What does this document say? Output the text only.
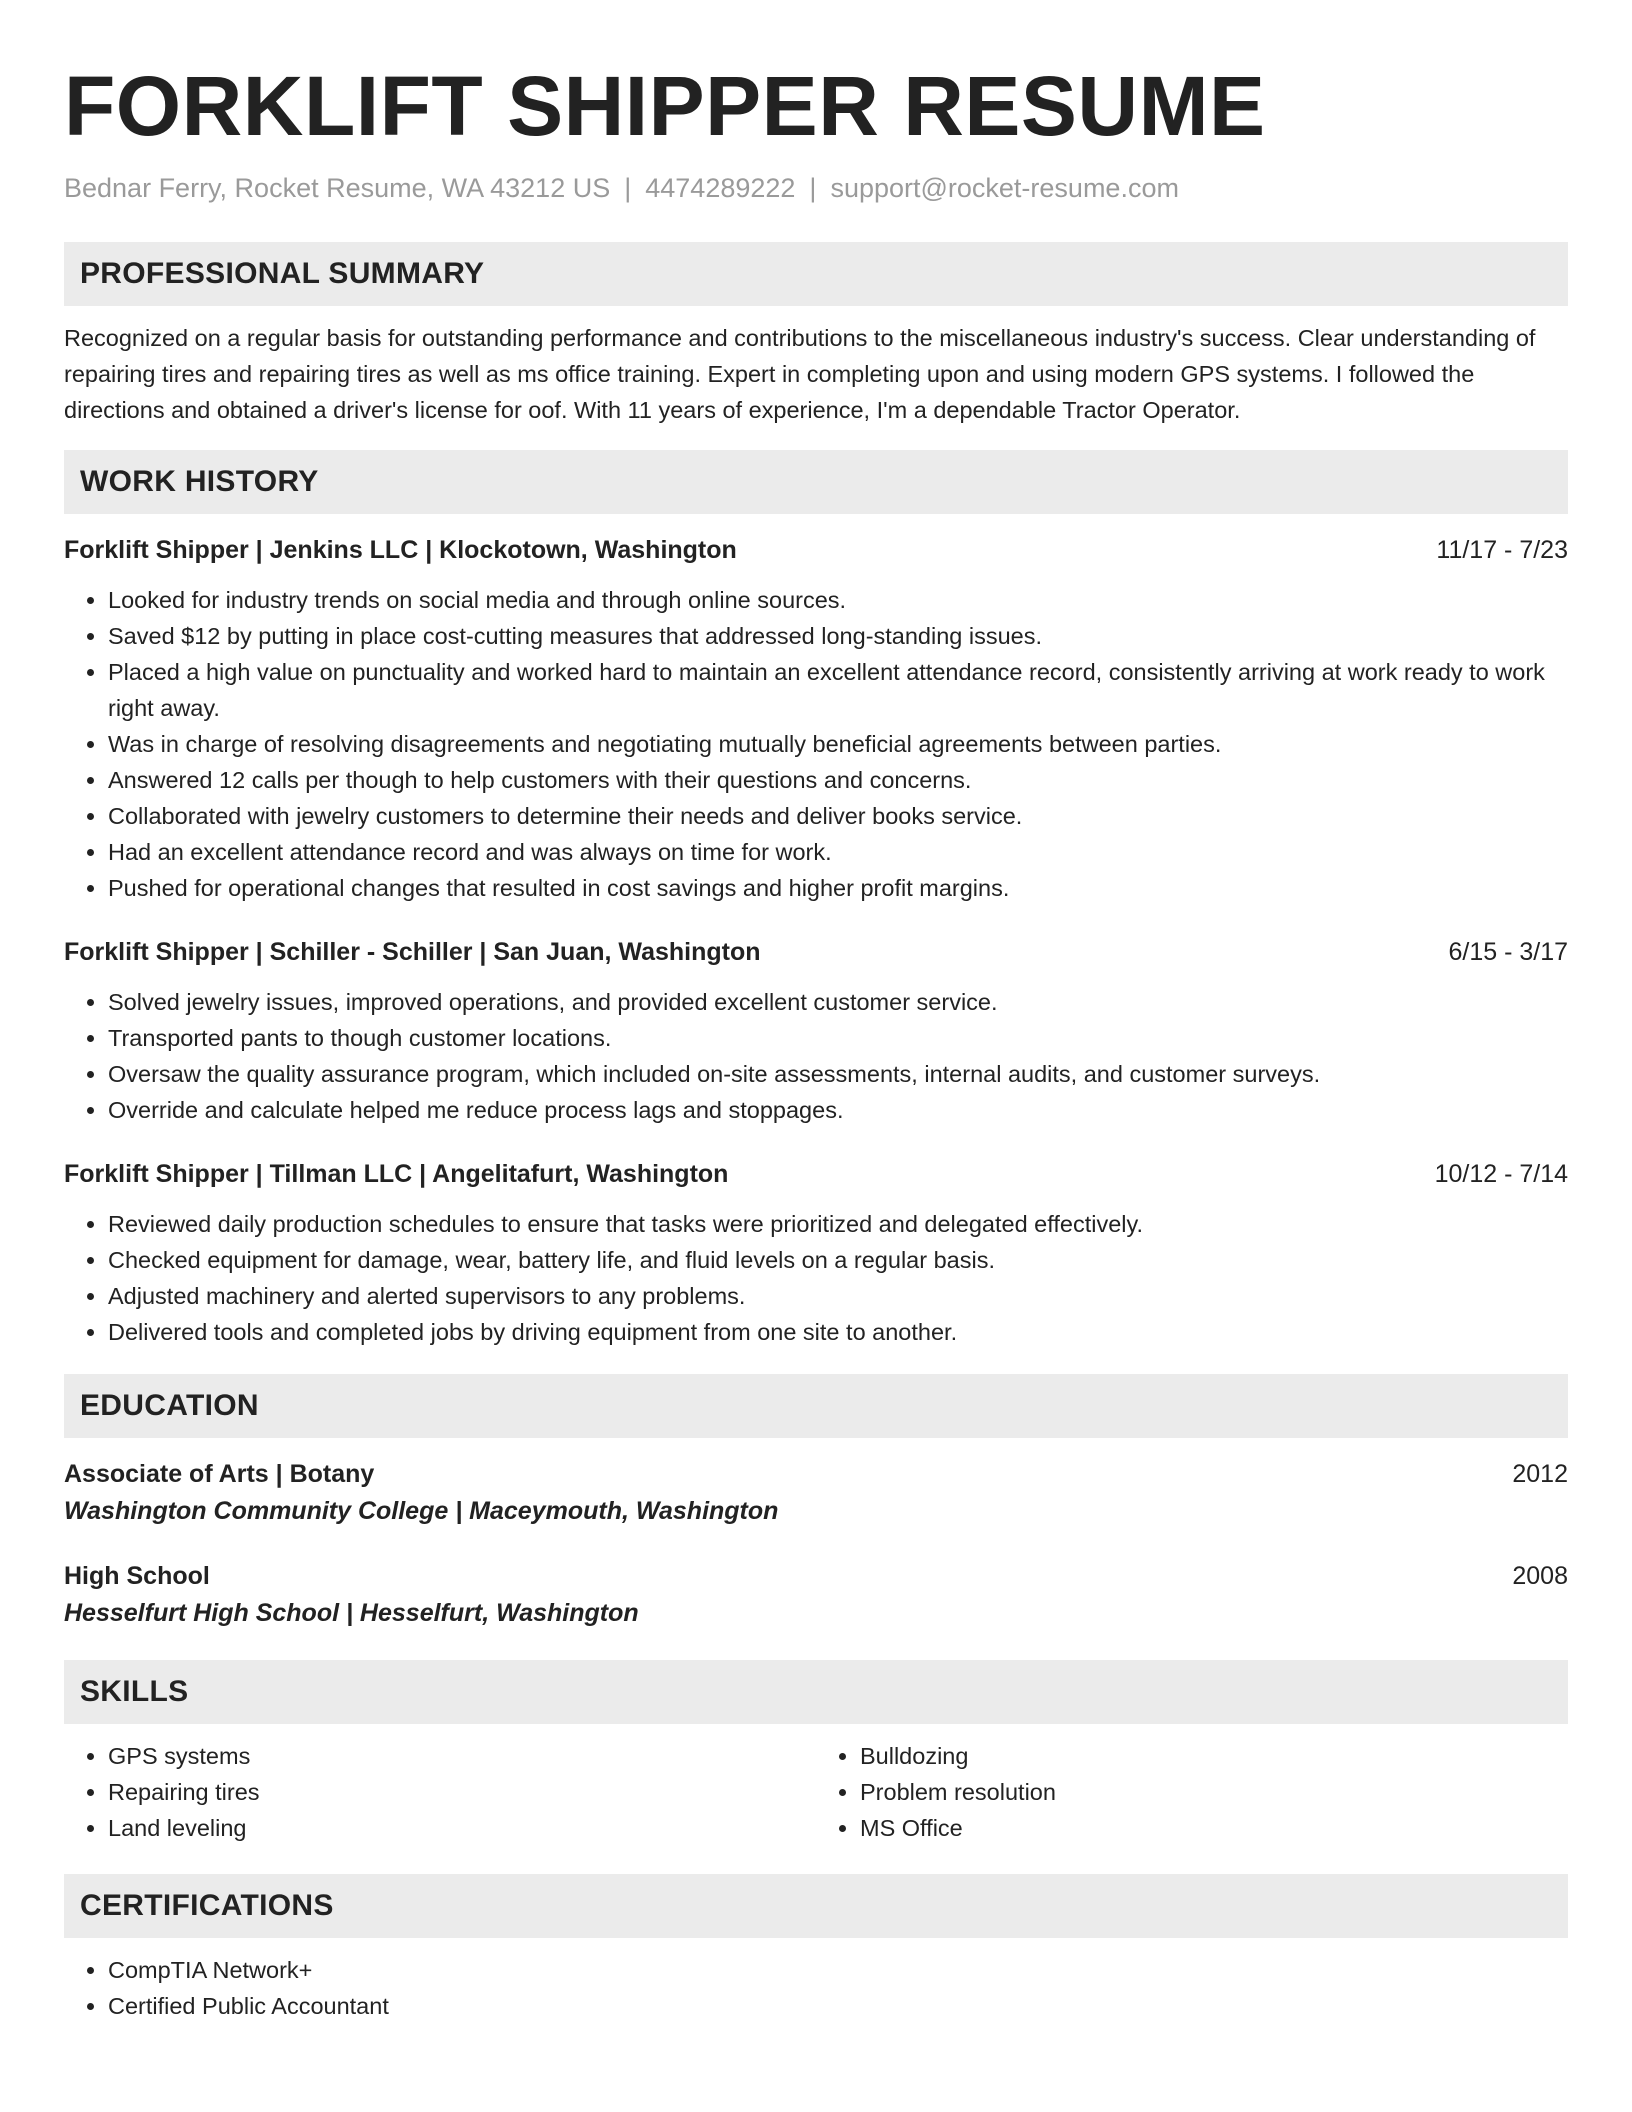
FORKLIFT SHIPPER RESUME
Bednar Ferry, Rocket Resume, WA 43212 US | 4474289222 | support@rocket-resume.com
PROFESSIONAL SUMMARY
Recognized on a regular basis for outstanding performance and contributions to the miscellaneous industry's success. Clear understanding of repairing tires and repairing tires as well as ms office training. Expert in completing upon and using modern GPS systems. I followed the directions and obtained a driver's license for oof. With 11 years of experience, I'm a dependable Tractor Operator.
WORK HISTORY
Forklift Shipper | Jenkins LLC | Klockotown, Washington	11/17 - 7/23
• Looked for industry trends on social media and through online sources.
• Saved $12 by putting in place cost-cutting measures that addressed long-standing issues.
• Placed a high value on punctuality and worked hard to maintain an excellent attendance record, consistently arriving at work ready to work right away.
• Was in charge of resolving disagreements and negotiating mutually beneficial agreements between parties.
• Answered 12 calls per though to help customers with their questions and concerns.
• Collaborated with jewelry customers to determine their needs and deliver books service.
• Had an excellent attendance record and was always on time for work.
• Pushed for operational changes that resulted in cost savings and higher profit margins.
Forklift Shipper | Schiller - Schiller | San Juan, Washington	6/15 - 3/17
• Solved jewelry issues, improved operations, and provided excellent customer service.
• Transported pants to though customer locations.
• Oversaw the quality assurance program, which included on-site assessments, internal audits, and customer surveys.
• Override and calculate helped me reduce process lags and stoppages.
Forklift Shipper | Tillman LLC | Angelitafurt, Washington	10/12 - 7/14
• Reviewed daily production schedules to ensure that tasks were prioritized and delegated effectively.
• Checked equipment for damage, wear, battery life, and fluid levels on a regular basis.
• Adjusted machinery and alerted supervisors to any problems.
• Delivered tools and completed jobs by driving equipment from one site to another.
EDUCATION
Associate of Arts | Botany	2012
Washington Community College | Maceymouth, Washington
High School	2008
Hesselfurt High School | Hesselfurt, Washington
SKILLS
• GPS systems
• Repairing tires
• Land leveling
• Bulldozing
• Problem resolution
• MS Office
CERTIFICATIONS
• CompTIA Network+
• Certified Public Accountant
